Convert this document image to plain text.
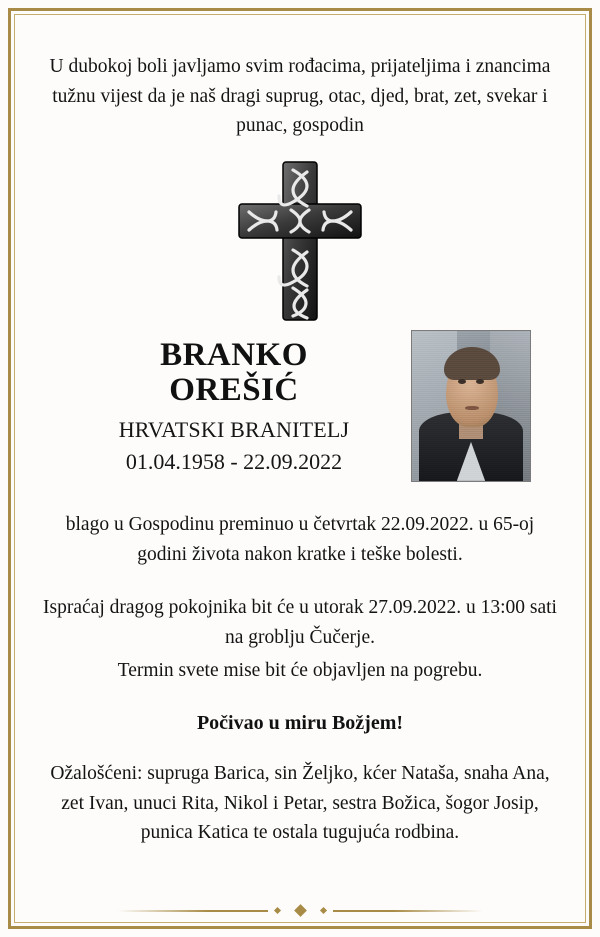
U dubokoj boli javljamo svim rođacima, prijateljima i znancima tužnu vijest da je naš dragi suprug, otac, djed, brat, zet, svekar i punac, gospodin
BRANKO
OREŠIĆ
HRVATSKI BRANITELJ
01.04.1958 - 22.09.2022
blago u Gospodinu preminuo u četvrtak 22.09.2022. u 65-oj godini života nakon kratke i teške bolesti.
Ispraćaj dragog pokojnika bit će u utorak 27.09.2022. u 13:00 sati na groblju Čučerje.
Termin svete mise bit će objavljen na pogrebu.
Počivao u miru Božjem!
Ožalošćeni: supruga Barica, sin Željko, kćer Nataša, snaha Ana, zet Ivan, unuci Rita, Nikol i Petar, sestra Božica, šogor Josip, punica Katica te ostala tugujuća rodbina.
